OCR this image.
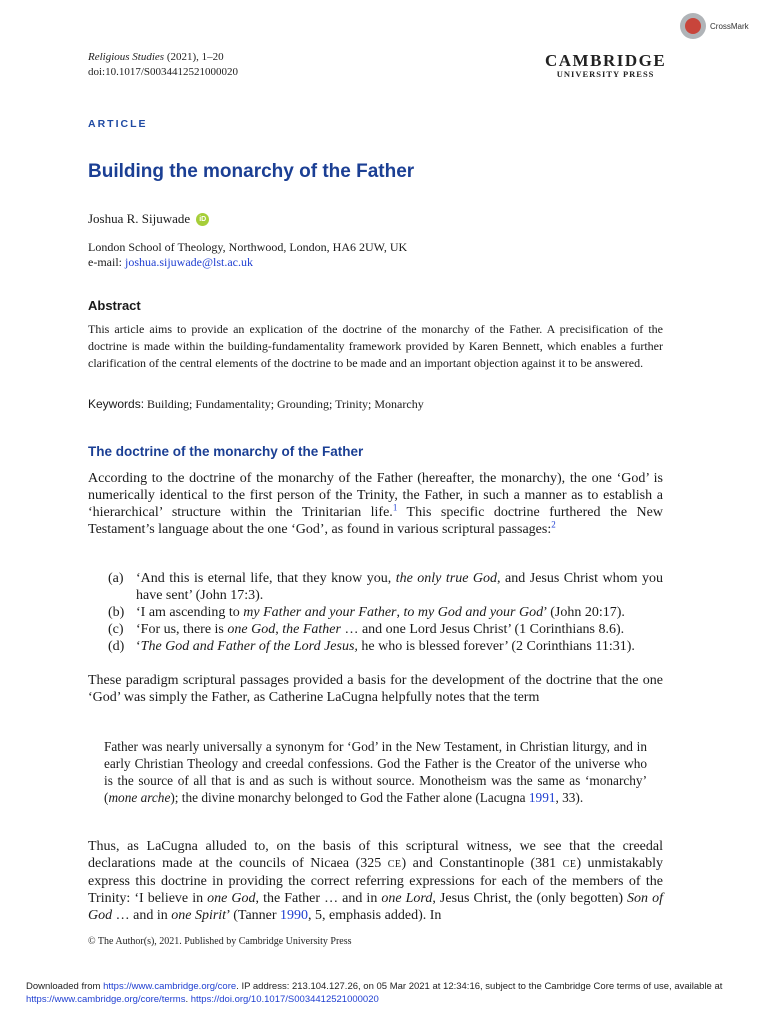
Religious Studies (2021), 1–20
doi:10.1017/S0034412521000020
CrossMark
CAMBRIDGE
UNIVERSITY PRESS
ARTICLE
Building the monarchy of the Father
Joshua R. Sijuwade	iD
London School of Theology, Northwood, London, HA6 2UW, UK
e-mail: joshua.sijuwade@lst.ac.uk
Abstract

This article aims to provide an explication of the doctrine of the monarchy of the Father. A precisification of the doctrine is made within the building-fundamentality framework provided by Karen Bennett, which enables a further clarification of the central elements of the doctrine to be made and an important objection against it to be answered.

Keywords: Building; Fundamentality; Grounding; Trinity; Monarchy
The doctrine of the monarchy of the Father

According to the doctrine of the monarchy of the Father (hereafter, the monarchy), the one ‘God’ is numerically identical to the first person of the Trinity, the Father, in such a manner as to establish a ‘hierarchical’ structure within the Trinitarian life.$^1$ This specific doctrine furthered the New Testament’s language about the one ‘God’, as found in various scriptural passages:$^2$

(a) ‘And this is eternal life, that they know you, the only true God, and Jesus Christ whom you have sent’ (John 17:3).
(b) ‘I am ascending to my Father and your Father, to my God and your God’ (John 20:17).
(c) ‘For us, there is one God, the Father … and one Lord Jesus Christ’ (1 Corinthians 8.6).
(d) ‘The God and Father of the Lord Jesus, he who is blessed forever’ (2 Corinthians 11:31).

These paradigm scriptural passages provided a basis for the development of the doctrine that the one ‘God’ was simply the Father, as Catherine LaCugna helpfully notes that the term

Father was nearly universally a synonym for ‘God’ in the New Testament, in Christian liturgy, and in early Christian Theology and creedal confessions. God the Father is the Creator of the universe who is the source of all that is and as such is without source. Monotheism was the same as ‘monarchy’ (mone arche); the divine monarchy belonged to God the Father alone (Lacugna 1991, 33).

Thus, as LaCugna alluded to, on the basis of this scriptural witness, we see that the creedal declarations made at the councils of Nicaea (325 CE) and Constantinople (381 CE) unmistakably express this doctrine in providing the correct referring expressions for each of the members of the Trinity: ‘I believe in one God, the Father … and in one Lord, Jesus Christ, the (only begotten) Son of God … and in one Spirit’ (Tanner 1990, 5, emphasis added). In

© The Author(s), 2021. Published by Cambridge University Press
Downloaded from https://www.cambridge.org/core. IP address: 213.104.127.26, on 05 Mar 2021 at 12:34:16, subject to the Cambridge Core terms of use, available at
https://www.cambridge.org/core/terms. https://doi.org/10.1017/S0034412521000020
